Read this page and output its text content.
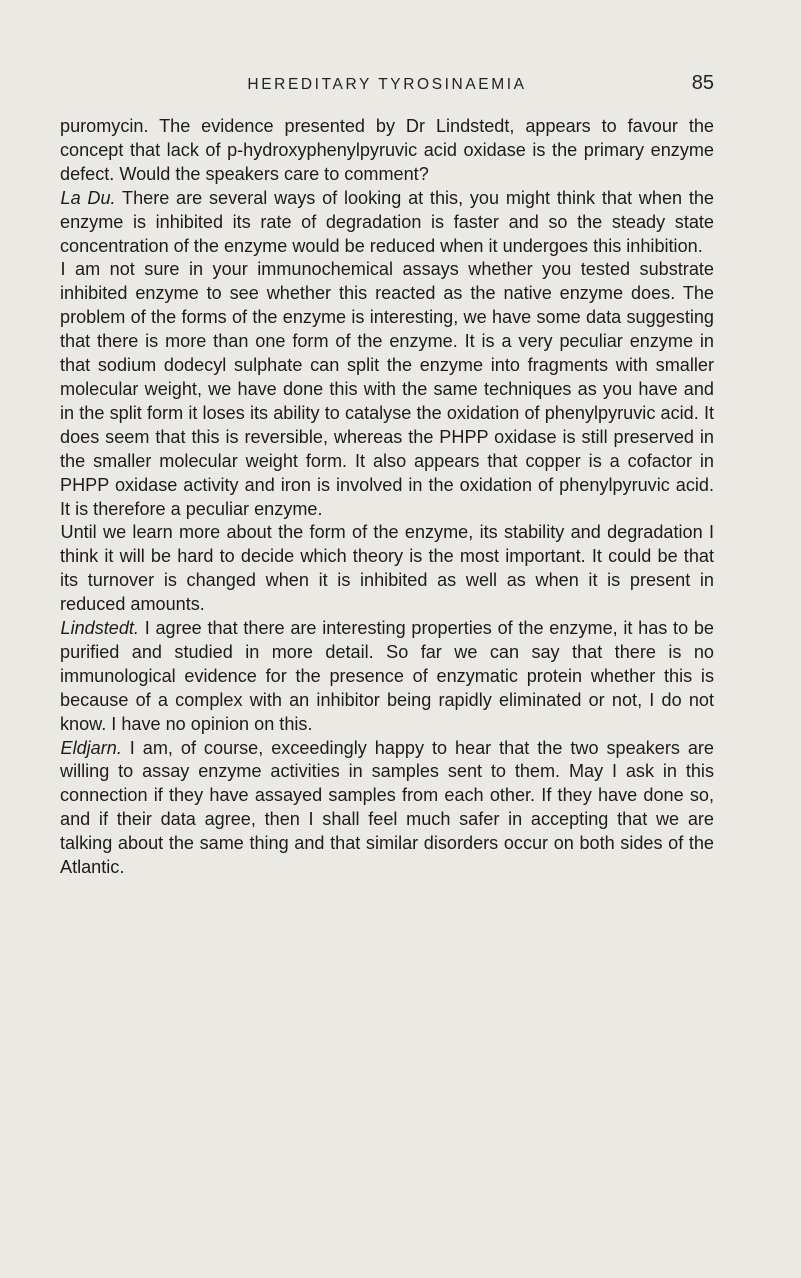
HEREDITARY TYROSINAEMIA	85

puromycin. The evidence presented by Dr Lindstedt, appears to favour the concept that lack of p-hydroxyphenylpyruvic acid oxidase is the primary enzyme defect. Would the speakers care to comment?

La Du. There are several ways of looking at this, you might think that when the enzyme is inhibited its rate of degradation is faster and so the steady state concentration of the enzyme would be reduced when it undergoes this inhibition.

I am not sure in your immunochemical assays whether you tested substrate inhibited enzyme to see whether this reacted as the native enzyme does. The problem of the forms of the enzyme is interesting, we have some data suggesting that there is more than one form of the enzyme. It is a very peculiar enzyme in that sodium dodecyl sulphate can split the enzyme into fragments with smaller molecular weight, we have done this with the same techniques as you have and in the split form it loses its ability to catalyse the oxidation of phenylpyruvic acid. It does seem that this is reversible, whereas the PHPP oxidase is still preserved in the smaller molecular weight form. It also appears that copper is a cofactor in PHPP oxidase activity and iron is involved in the oxidation of phenylpyruvic acid. It is therefore a peculiar enzyme.

Until we learn more about the form of the enzyme, its stability and degradation I think it will be hard to decide which theory is the most important. It could be that its turnover is changed when it is inhibited as well as when it is present in reduced amounts.

Lindstedt. I agree that there are interesting properties of the enzyme, it has to be purified and studied in more detail. So far we can say that there is no immunological evidence for the presence of enzymatic protein whether this is because of a complex with an inhibitor being rapidly eliminated or not, I do not know. I have no opinion on this.

Eldjarn. I am, of course, exceedingly happy to hear that the two speakers are willing to assay enzyme activities in samples sent to them. May I ask in this connection if they have assayed samples from each other. If they have done so, and if their data agree, then I shall feel much safer in accepting that we are talking about the same thing and that similar disorders occur on both sides of the Atlantic.
